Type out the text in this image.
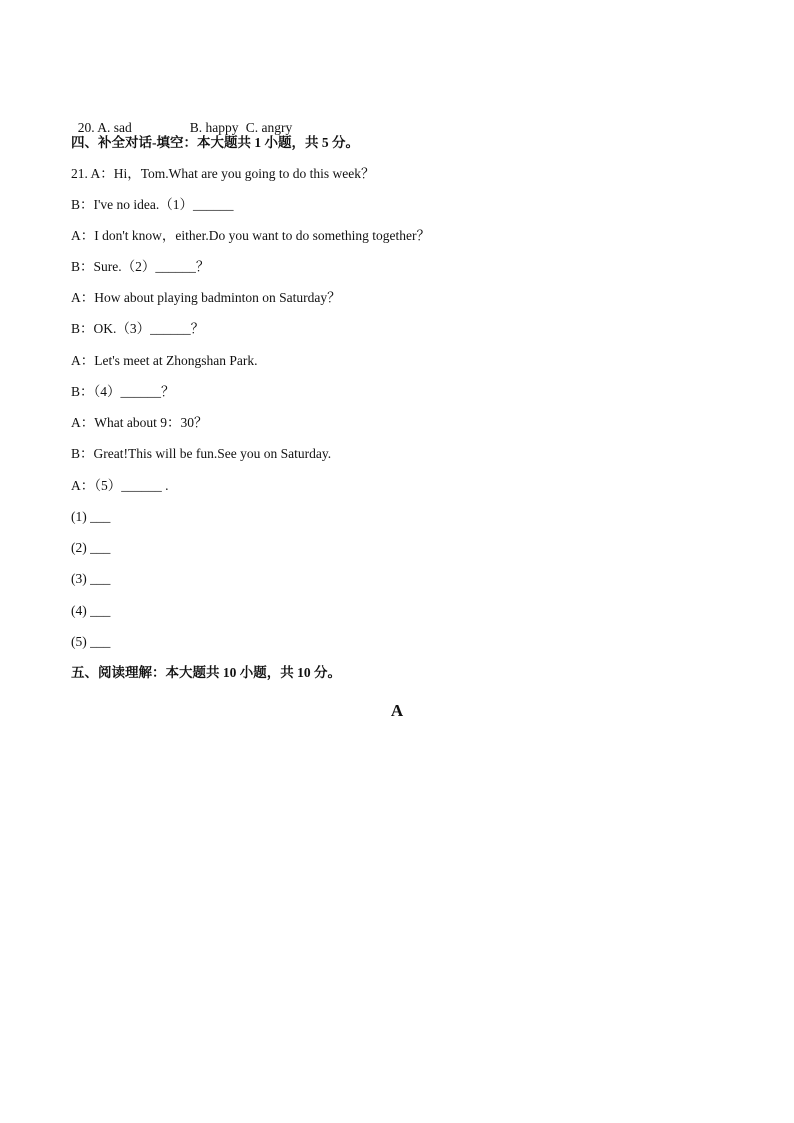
20. A. sad	B. happy C. angry

四、补全对话-填空：本大题共 1 小题，共 5 分。
21. A：Hi，Tom.What are you going to do this week？
B：I've no idea.（1）______
A：I don't know，either.Do you want to do something together？
B：Sure.（2）______？
A：How about playing badminton on Saturday？
B：OK.（3）______？
A：Let's meet at Zhongshan Park.
B：（4）______？
A：What about 9：30？
B：Great!This will be fun.See you on Saturday.
A：（5）______ .
(1) ___
(2) ___
(3) ___
(4) ___
(5) ___
五、阅读理解：本大题共 10 小题，共 10 分。
A
